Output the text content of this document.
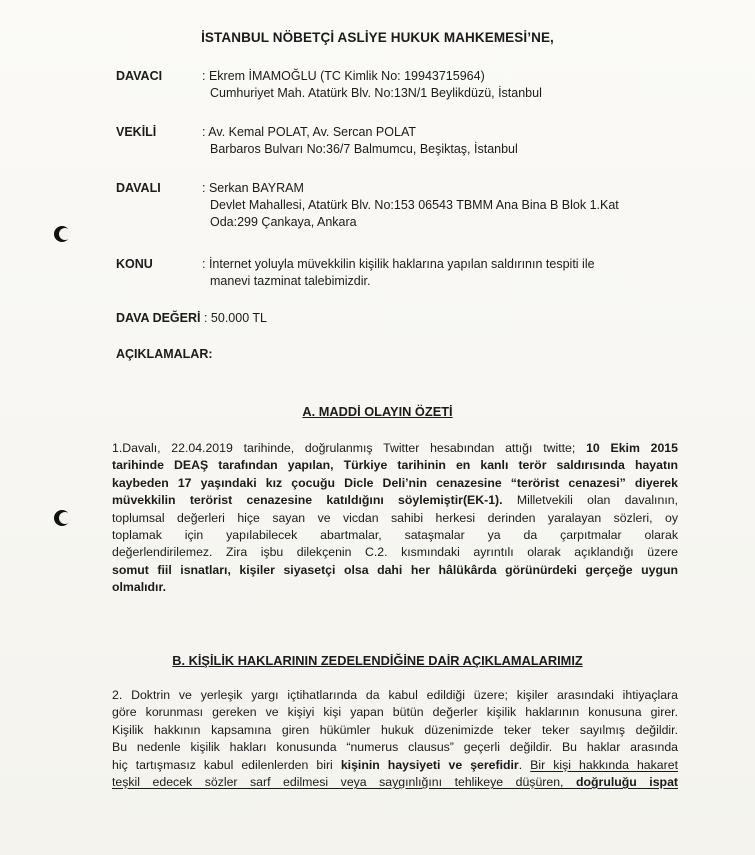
İSTANBUL NÖBETÇİ ASLİYE HUKUK MAHKEMESİ’NE,
DAVACI	: Ekrem İMAMOĞLU (TC Kimlik No: 19943715964)
Cumhuriyet Mah. Atatürk Blv. No:13N/1 Beylikdüzü, İstanbul
VEKİLİ	: Av. Kemal POLAT, Av. Sercan POLAT
Barbaros Bulvarı No:36/7 Balmumcu, Beşiktaş, İstanbul
DAVALI	: Serkan BAYRAM
Devlet Mahallesi, Atatürk Blv. No:153 06543 TBMM Ana Bina B Blok 1.Kat
Oda:299 Çankaya, Ankara
KONU	: İnternet yoluyla müvekkilin kişilik haklarına yapılan saldırının tespiti ile
manevi tazminat talebimizdir.
DAVA DEĞERİ : 50.000 TL
AÇIKLAMALAR:
A. MADDİ OLAYIN ÖZETİ
1.Davalı, 22.04.2019 tarihinde, doğrulanmış Twitter hesabından attığı twitte; 10 Ekim 2015
tarihinde DEAŞ tarafından yapılan, Türkiye tarihinin en kanlı terör saldırısında hayatın
kaybeden 17 yaşındaki kız çocuğu Dicle Deli’nin cenazesine “terörist cenazesi” diyerek
müvekkilin terörist cenazesine katıldığını söylemiştir(EK-1). Milletvekili olan davalının,
toplumsal değerleri hiçe sayan ve vicdan sahibi herkesi derinden yaralayan sözleri, oy
toplamak için yapılabilecek abartmalar, sataşmalar ya da çarpıtmalar olarak
değerlendirilemez. Zira işbu dilekçenin C.2. kısmındaki ayrıntılı olarak açıklandığı üzere
somut fiil isnatları, kişiler siyasetçi olsa dahi her hâlükârda görünürdeki gerçeğe uygun
olmalıdır.
B. KİŞİLİK HAKLARININ ZEDELENDİĞİNE DAİR AÇIKLAMALARIMIZ
2. Doktrin ve yerleşik yargı içtihatlarında da kabul edildiği üzere; kişiler arasındaki ihtiyaçlara
göre korunması gereken ve kişiyi kişi yapan bütün değerler kişilik haklarının konusuna girer.
Kişilik hakkının kapsamına giren hükümler hukuk düzenimizde teker teker sayılmış değildir.
Bu nedenle kişilik hakları konusunda “numerus clausus” geçerli değildir. Bu haklar arasında
hiç tartışmasız kabul edilenlerden biri kişinin haysiyeti ve şerefidir. Bir kişi hakkında hakaret
teşkil edecek sözler sarf edilmesi veya saygınlığını tehlikeye düşüren, doğruluğu ispat
